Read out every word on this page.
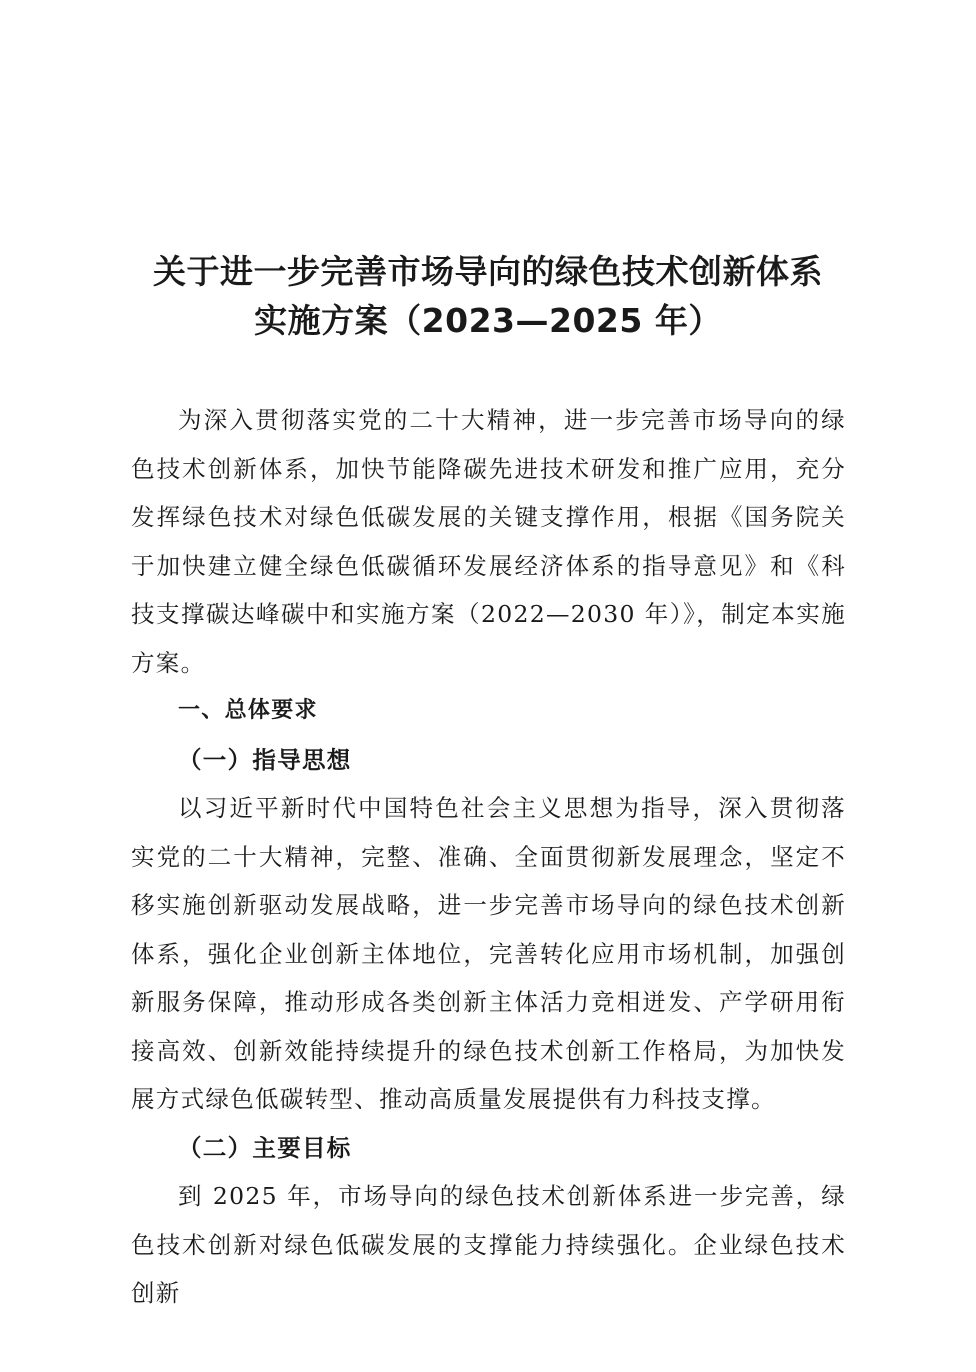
关于进一步完善市场导向的绿色技术创新体系
实施方案（2023—2025 年）

为深入贯彻落实党的二十大精神，进一步完善市场导向的绿色技术创新体系，加快节能降碳先进技术研发和推广应用，充分发挥绿色技术对绿色低碳发展的关键支撑作用，根据《国务院关于加快建立健全绿色低碳循环发展经济体系的指导意见》和《科技支撑碳达峰碳中和实施方案（2022—2030 年）》，制定本实施方案。

一、总体要求

（一）指导思想

以习近平新时代中国特色社会主义思想为指导，深入贯彻落实党的二十大精神，完整、准确、全面贯彻新发展理念，坚定不移实施创新驱动发展战略，进一步完善市场导向的绿色技术创新体系，强化企业创新主体地位，完善转化应用市场机制，加强创新服务保障，推动形成各类创新主体活力竞相迸发、产学研用衔接高效、创新效能持续提升的绿色技术创新工作格局，为加快发展方式绿色低碳转型、推动高质量发展提供有力科技支撑。

（二）主要目标

到 2025 年，市场导向的绿色技术创新体系进一步完善，绿色技术创新对绿色低碳发展的支撑能力持续强化。企业绿色技术创新
